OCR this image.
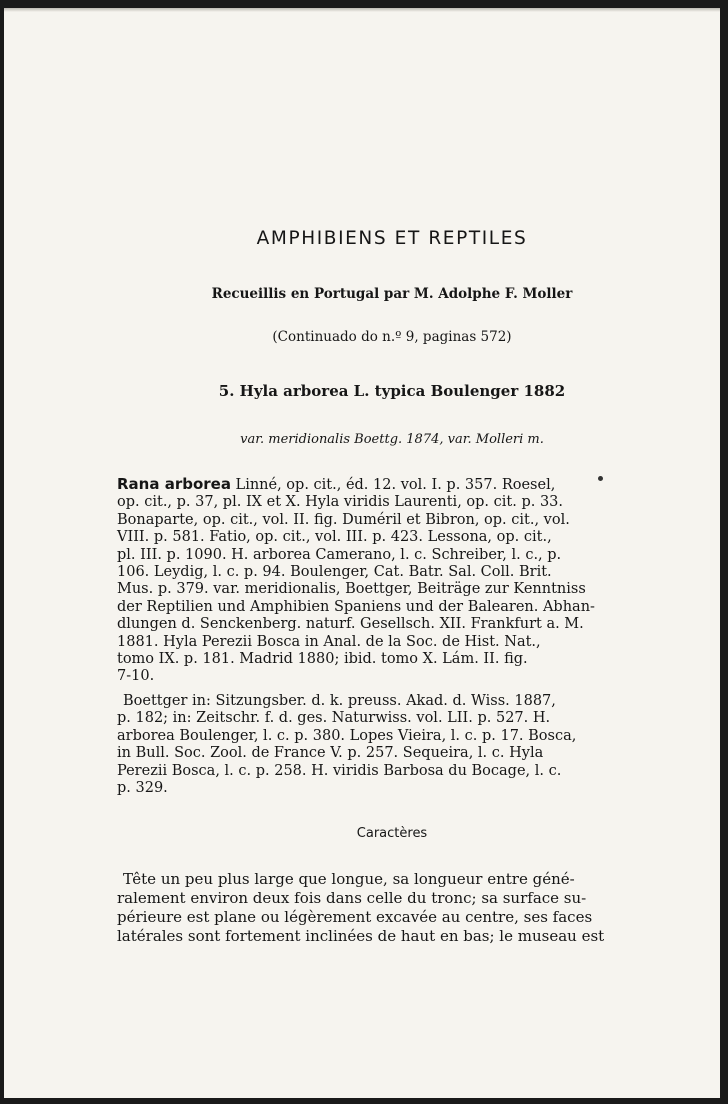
AMPHIBIENS ET REPTILES
Recueillis en Portugal par M. Adolphe F. Moller
(Continuado do n.º 9, paginas 572)
5. Hyla arborea L. typica Boulenger 1882
var. meridionalis Boettg. 1874, var. Molleri m.
Rana arborea Linné, op. cit., éd. 12. vol. I. p. 357. Roesel,
op. cit., p. 37, pl. IX et X. Hyla viridis Laurenti, op. cit. p. 33.
Bonaparte, op. cit., vol. II. fig. Duméril et Bibron, op. cit., vol.
VIII. p. 581. Fatio, op. cit., vol. III. p. 423. Lessona, op. cit.,
pl. III. p. 1090. H. arborea Camerano, l. c. Schreiber, l. c., p.
106. Leydig, l. c. p. 94. Boulenger, Cat. Batr. Sal. Coll. Brit.
Mus. p. 379. var. meridionalis, Boettger, Beiträge zur Kenntniss
der Reptilien und Amphibien Spaniens und der Balearen. Abhan-
dlungen d. Senckenberg. naturf. Gesellsch. XII. Frankfurt a. M.
1881. Hyla Perezii Bosca in Anal. de la Soc. de Hist. Nat.,
tomo IX. p. 181. Madrid 1880; ibid. tomo X. Lám. II. fig.
7-10.
Boettger in: Sitzungsber. d. k. preuss. Akad. d. Wiss. 1887,
p. 182; in: Zeitschr. f. d. ges. Naturwiss. vol. LII. p. 527. H.
arborea Boulenger, l. c. p. 380. Lopes Vieira, l. c. p. 17. Bosca,
in Bull. Soc. Zool. de France V. p. 257. Sequeira, l. c. Hyla
Perezii Bosca, l. c. p. 258. H. viridis Barbosa du Bocage, l. c.
p. 329.
Caractères
Tête un peu plus large que longue, sa longueur entre géné-
ralement environ deux fois dans celle du tronc; sa surface su-
périeure est plane ou légèrement excavée au centre, ses faces
latérales sont fortement inclinées de haut en bas; le museau est
